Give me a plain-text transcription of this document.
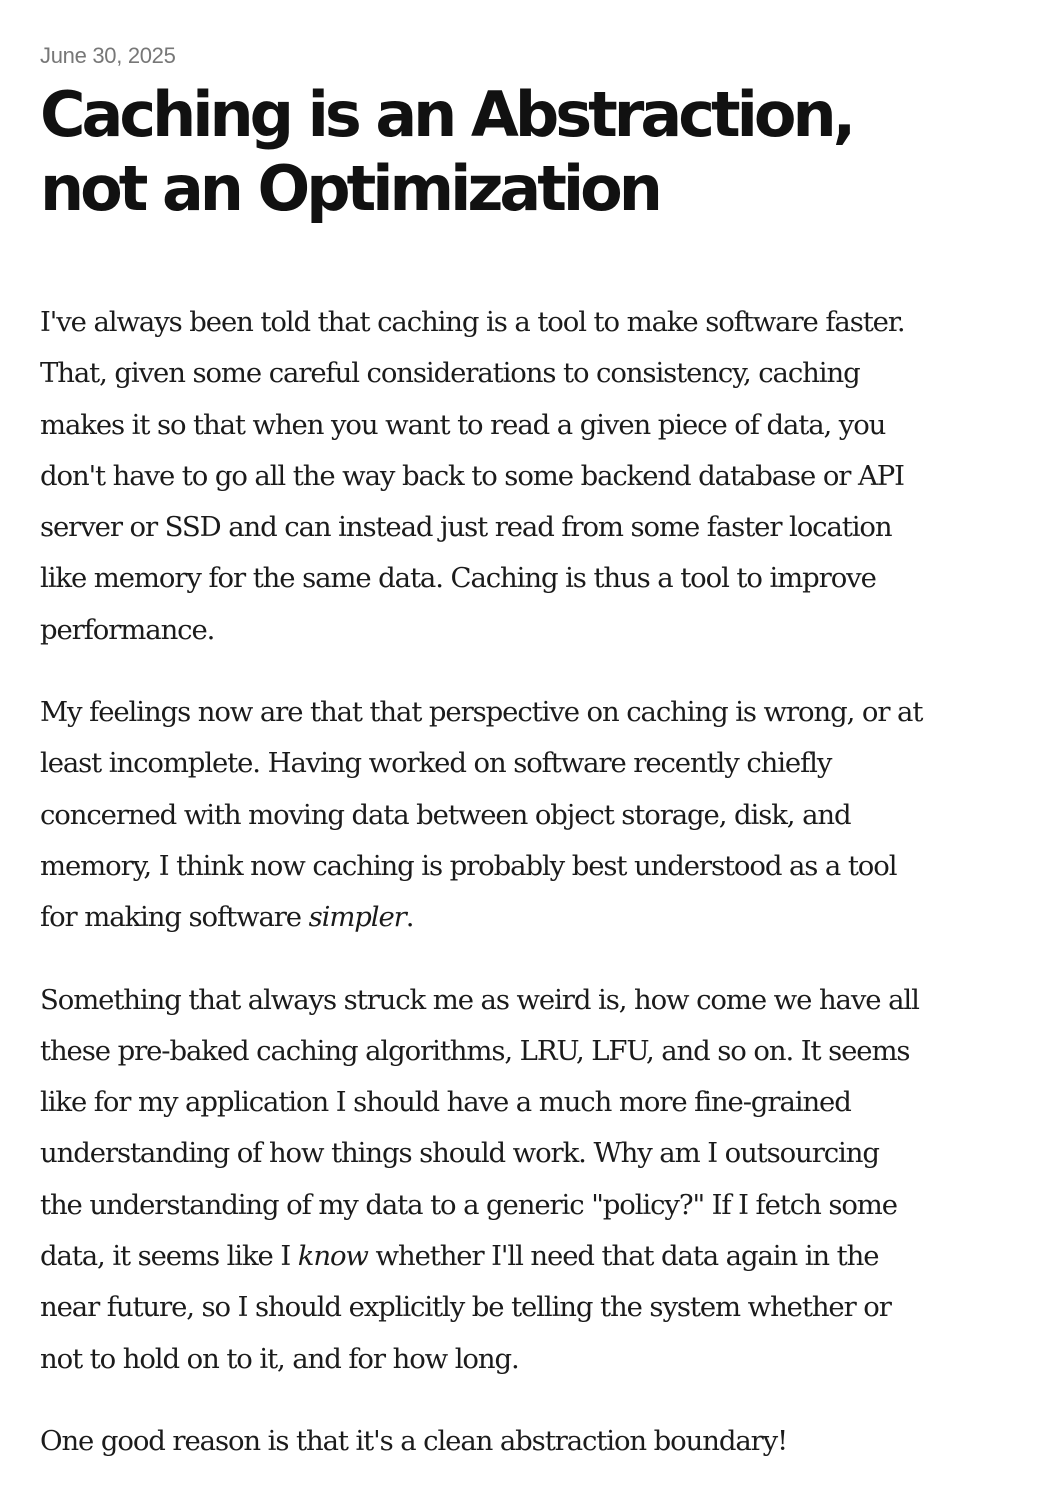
June 30, 2025
Caching is an Abstraction,
not an Optimization

I've always been told that caching is a tool to make software faster.
That, given some careful considerations to consistency, caching
makes it so that when you want to read a given piece of data, you
don't have to go all the way back to some backend database or API
server or SSD and can instead just read from some faster location
like memory for the same data. Caching is thus a tool to improve
performance.

My feelings now are that that perspective on caching is wrong, or at
least incomplete. Having worked on software recently chiefly
concerned with moving data between object storage, disk, and
memory, I think now caching is probably best understood as a tool
for making software simpler.

Something that always struck me as weird is, how come we have all
these pre-baked caching algorithms, LRU, LFU, and so on. It seems
like for my application I should have a much more fine-grained
understanding of how things should work. Why am I outsourcing
the understanding of my data to a generic "policy?" If I fetch some
data, it seems like I know whether I'll need that data again in the
near future, so I should explicitly be telling the system whether or
not to hold on to it, and for how long.

One good reason is that it's a clean abstraction boundary!
